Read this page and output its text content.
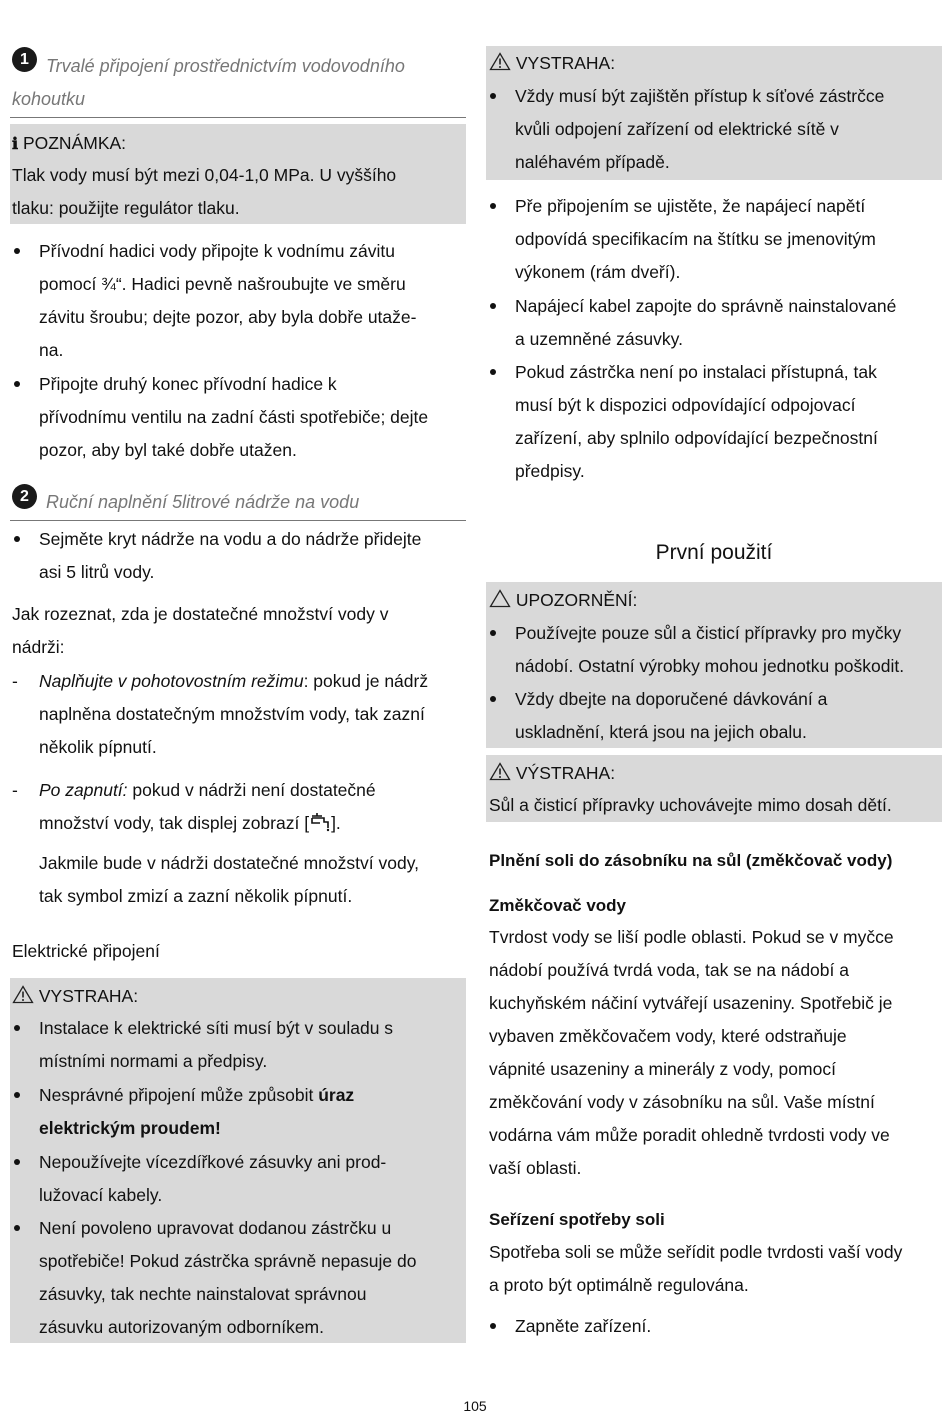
1 Trvalé připojení prostřednictvím vodovodního
kohoutku
ℹ POZNÁMKA:
Tlak vody musí být mezi 0,04-1,0 MPa. U vyššího
tlaku: použijte regulátor tlaku.
Přívodní hadici vody připojte k vodnímu závitu
pomocí ¾“. Hadici pevně našroubujte ve směru
závitu šroubu; dejte pozor, aby byla dobře utaže-
na.
Připojte druhý konec přívodní hadice k
přívodnímu ventilu na zadní části spotřebiče; dejte
pozor, aby byl také dobře utažen.
2 Ruční naplnění 5litrové nádrže na vodu
Sejměte kryt nádrže na vodu a do nádrže přidejte
asi 5 litrů vody.
Jak rozeznat, zda je dostatečné množství vody v
nádrži:
- Naplňujte v pohotovostním režimu: pokud je nádrž
naplněna dostatečným množstvím vody, tak zazní
několik pípnutí.
- Po zapnutí: pokud v nádrži není dostatečné
množství vody, tak displej zobrazí [ ].
Jakmile bude v nádrži dostatečné množství vody,
tak symbol zmizí a zazní několik pípnutí.
Elektrické připojení
VYSTRAHA:
Instalace k elektrické síti musí být v souladu s
místními normami a předpisy.
Nesprávné připojení může způsobit úraz
elektrickým proudem!
Nepoužívejte vícezdířkové zásuvky ani prod-
lužovací kabely.
Není povoleno upravovat dodanou zástrčku u
spotřebiče! Pokud zástrčka správně nepasuje do
zásuvky, tak nechte nainstalovat správnou
zásuvku autorizovaným odborníkem.
VYSTRAHA:
Vždy musí být zajištěn přístup k síťové zástrčce
kvůli odpojení zařízení od elektrické sítě v
naléhavém případě.
Pře připojením se ujistěte, že napájecí napětí
odpovídá specifikacím na štítku se jmenovitým
výkonem (rám dveří).
Napájecí kabel zapojte do správně nainstalované
a uzemněné zásuvky.
Pokud zástrčka není po instalaci přístupná, tak
musí být k dispozici odpovídající odpojovací
zařízení, aby splnilo odpovídající bezpečnostní
předpisy.
První použití
UPOZORNĚNÍ:
Používejte pouze sůl a čisticí přípravky pro myčky
nádobí. Ostatní výrobky mohou jednotku poškodit.
Vždy dbejte na doporučené dávkování a
uskladnění, která jsou na jejich obalu.
VÝSTRAHA:
Sůl a čisticí přípravky uchovávejte mimo dosah dětí.
Plnění soli do zásobníku na sůl (změkčovač vody)
Změkčovač vody
Tvrdost vody se liší podle oblasti. Pokud se v myčce
nádobí používá tvrdá voda, tak se na nádobí a
kuchyňském náčiní vytvářejí usazeniny. Spotřebič je
vybaven změkčovačem vody, které odstraňuje
vápnité usazeniny a minerály z vody, pomocí
změkčování vody v zásobníku na sůl. Vaše místní
vodárna vám může poradit ohledně tvrdosti vody ve
vaší oblasti.
Seřízení spotřeby soli
Spotřeba soli se může seřídit podle tvrdosti vaší vody
a proto být optimálně regulována.
Zapněte zařízení.
105
